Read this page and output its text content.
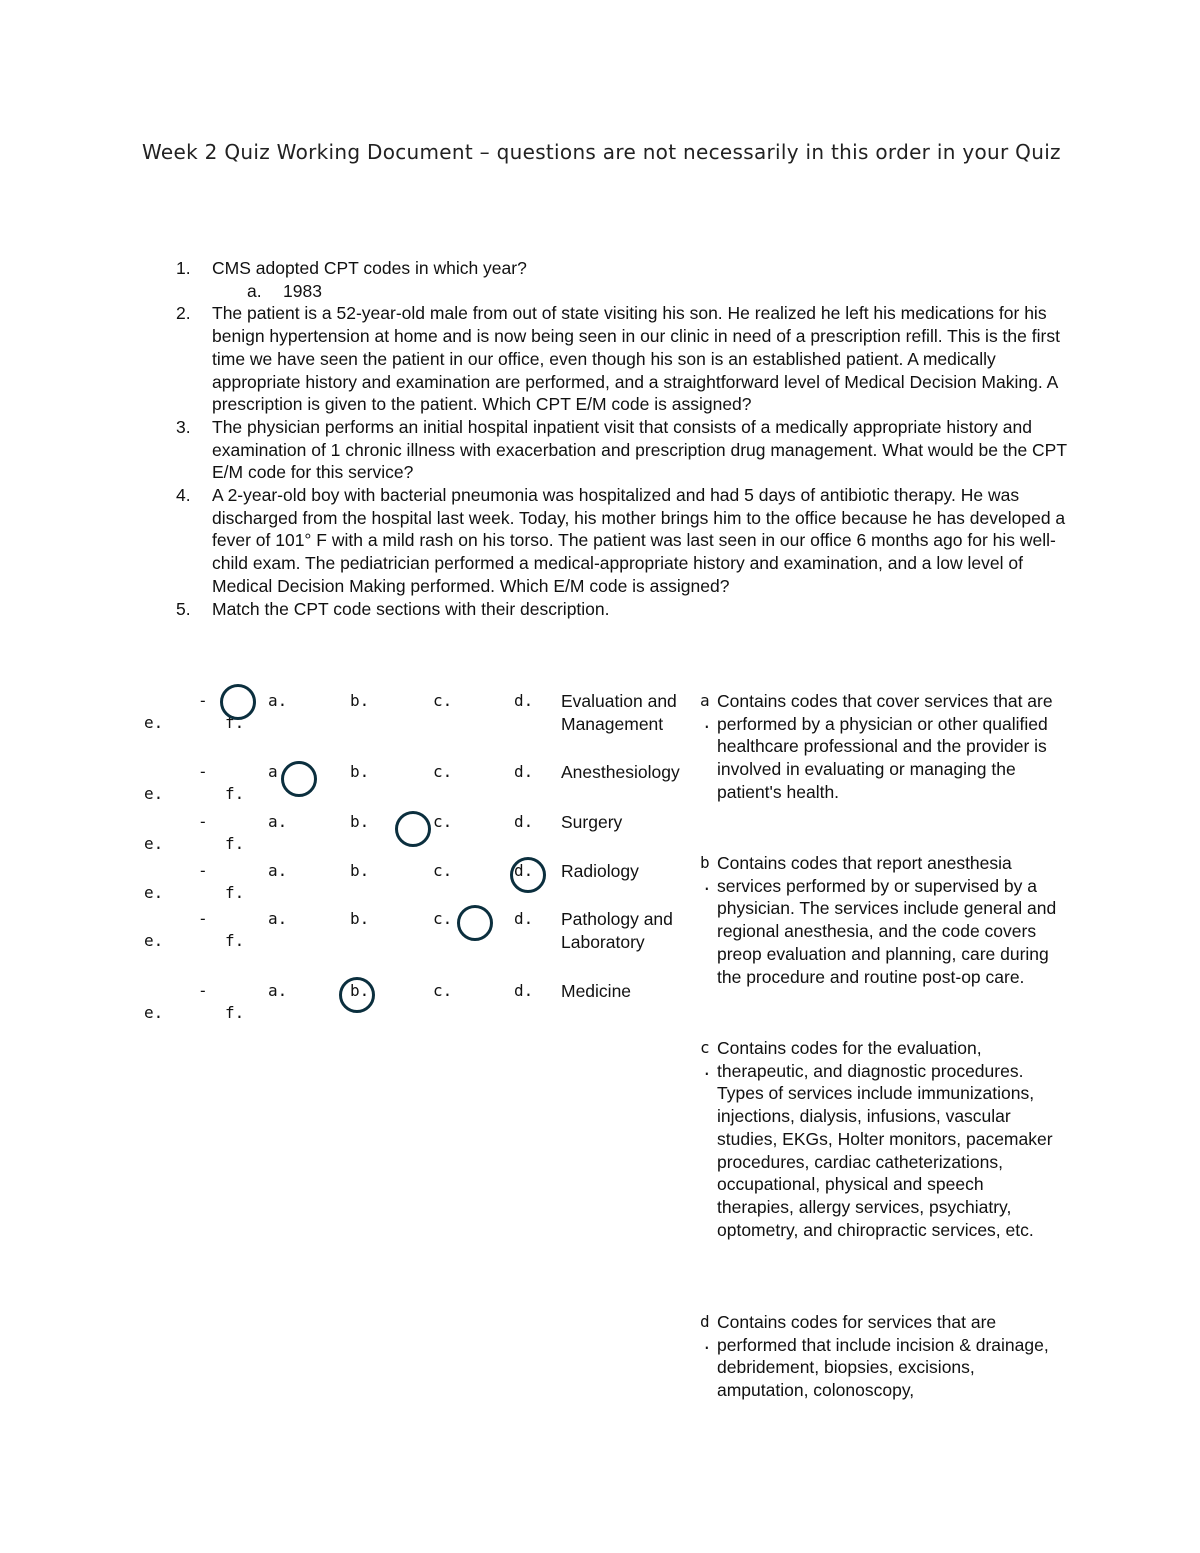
Week 2 Quiz Working Document – questions are not necessarily in this order in your Quiz
1. CMS adopted CPT codes in which year?
a. 1983
2. The patient is a 52-year-old male from out of state visiting his son. He realized he left his medications for his benign hypertension at home and is now being seen in our clinic in need of a prescription refill. This is the first time we have seen the patient in our office, even though his son is an established patient. A medically appropriate history and examination are performed, and a straightforward level of Medical Decision Making. A prescription is given to the patient. Which CPT E/M code is assigned?
3. The physician performs an initial hospital inpatient visit that consists of a medically appropriate history and examination of 1 chronic illness with exacerbation and prescription drug management. What would be the CPT E/M code for this service?
4. A 2-year-old boy with bacterial pneumonia was hospitalized and had 5 days of antibiotic therapy. He was discharged from the hospital last week. Today, his mother brings him to the office because he has developed a fever of 101° F with a mild rash on his torso. The patient was last seen in our office 6 months ago for his well-child exam. The pediatrician performed a medical-appropriate history and examination, and a low level of Medical Decision Making performed. Which E/M code is assigned?
5. Match the CPT code sections with their description.
-	a.	b.	c.	d.
e.	f.
Evaluation and Management
-	a.	b.	c.	d.
e.	f.
Anesthesiology
-	a.	b.	c.	d.
e.	f.
Surgery
-	a.	b.	c.	d.
e.	f.
Radiology
-	a.	b.	c.	d.
e.	f.
Pathology and Laboratory
-	a.	b.	c.	d.
e.	f.
Medicine
a
.
Contains codes that cover services that are performed by a physician or other qualified healthcare professional and the provider is involved in evaluating or managing the patient's health.
b
.
Contains codes that report anesthesia services performed by or supervised by a physician. The services include general and regional anesthesia, and the code covers preop evaluation and planning, care during the procedure and routine post-op care.
c
.
Contains codes for the evaluation, therapeutic, and diagnostic procedures. Types of services include immunizations, injections, dialysis, infusions, vascular studies, EKGs, Holter monitors, pacemaker procedures, cardiac catheterizations, occupational, physical and speech therapies, allergy services, psychiatry, optometry, and chiropractic services, etc.
d
.
Contains codes for services that are performed that include incision & drainage, debridement, biopsies, excisions, amputation, colonoscopy,
